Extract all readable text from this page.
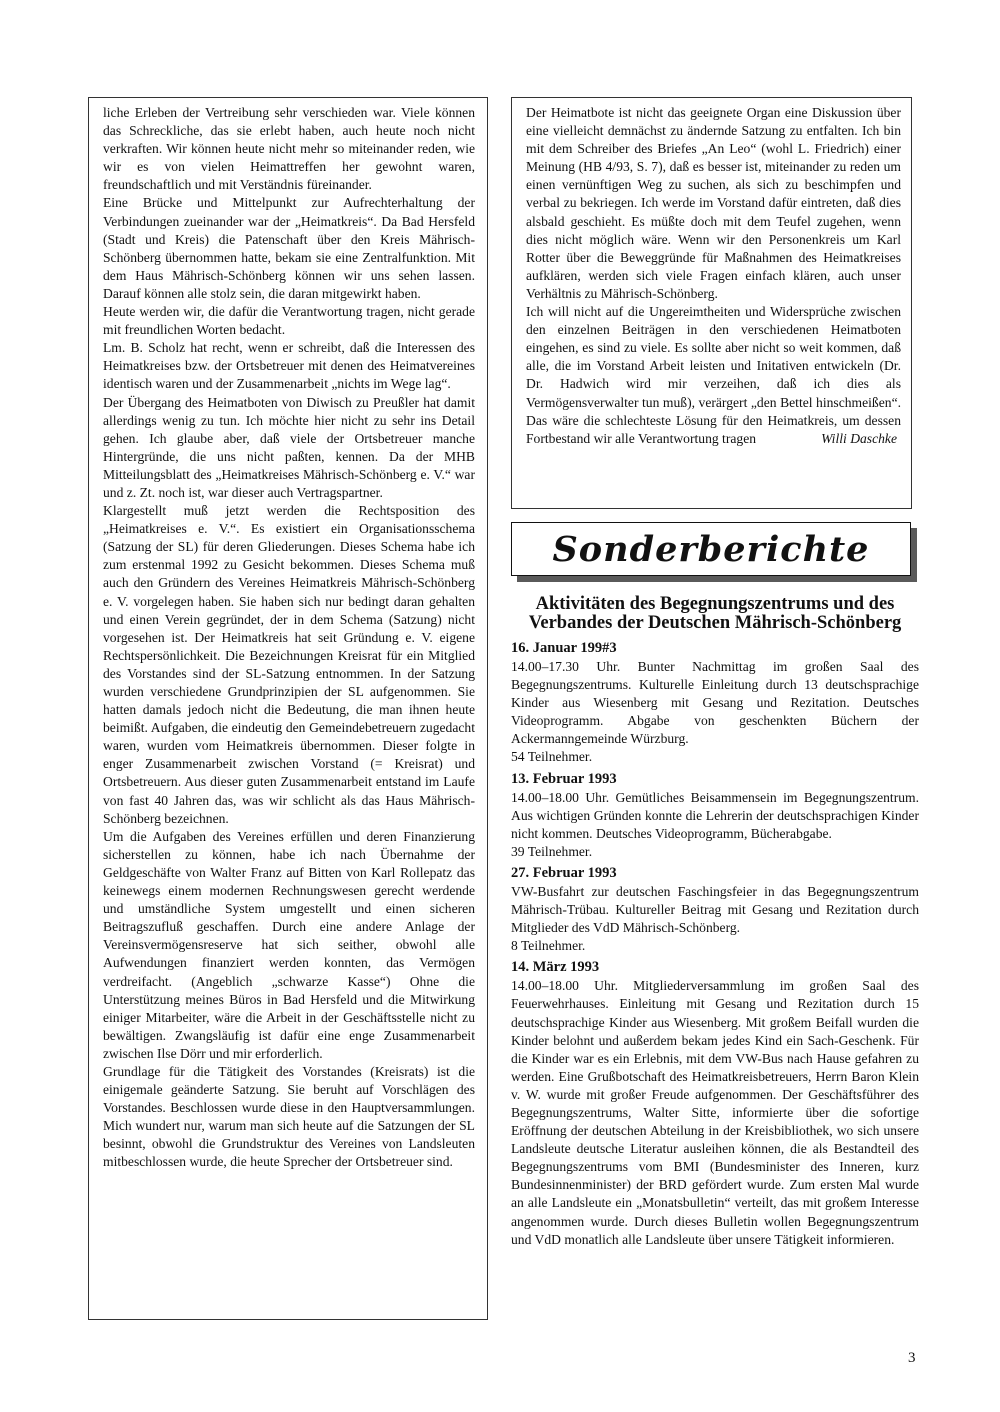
liche Erleben der Vertreibung sehr verschieden war. Viele können das Schreckliche, das sie erlebt haben, auch heute noch nicht verkraften. Wir können heute nicht mehr so miteinander reden, wie wir es von vielen Heimattreffen her gewohnt waren, freundschaftlich und mit Verständnis füreinander.

Eine Brücke und Mittelpunkt zur Aufrechterhaltung der Verbindungen zueinander war der „Heimatkreis“. Da Bad Hersfeld (Stadt und Kreis) die Patenschaft über den Kreis Mährisch-Schönberg übernommen hatte, bekam sie eine Zentralfunktion. Mit dem Haus Mährisch-Schönberg können wir uns sehen lassen. Darauf können alle stolz sein, die daran mitgewirkt haben.

Heute werden wir, die dafür die Verantwortung tragen, nicht gerade mit freundlichen Worten bedacht.

Lm. B. Scholz hat recht, wenn er schreibt, daß die Interessen des Heimatkreises bzw. der Ortsbetreuer mit denen des Heimatvereines identisch waren und der Zusammenarbeit „nichts im Wege lag“.

Der Übergang des Heimatboten von Diwisch zu Preußler hat damit allerdings wenig zu tun. Ich möchte hier nicht zu sehr ins Detail gehen. Ich glaube aber, daß viele der Ortsbetreuer manche Hintergründe, die uns nicht paßten, kennen. Da der MHB Mitteilungsblatt des „Heimatkreises Mährisch-Schönberg e. V.“ war und z. Zt. noch ist, war dieser auch Vertragspartner.

Klargestellt muß jetzt werden die Rechtsposition des „Heimatkreises e. V.“. Es existiert ein Organisationsschema (Satzung der SL) für deren Gliederungen. Dieses Schema habe ich zum erstenmal 1992 zu Gesicht bekommen. Dieses Schema muß auch den Gründern des Vereines Heimatkreis Mährisch-Schönberg e. V. vorgelegen haben. Sie haben sich nur bedingt daran gehalten und einen Verein gegründet, der in dem Schema (Satzung) nicht vorgesehen ist. Der Heimatkreis hat seit Gründung e. V. eigene Rechtspersönlichkeit. Die Bezeichnungen Kreisrat für ein Mitglied des Vorstandes sind der SL-Satzung entnommen. In der Satzung wurden verschiedene Grundprinzipien der SL aufgenommen. Sie hatten damals jedoch nicht die Bedeutung, die man ihnen heute beimißt. Aufgaben, die eindeutig den Gemeindebetreuern zugedacht waren, wurden vom Heimatkreis übernommen. Dieser folgte in enger Zusammenarbeit zwischen Vorstand (= Kreisrat) und Ortsbetreuern. Aus dieser guten Zusammenarbeit entstand im Laufe von fast 40 Jahren das, was wir schlicht als das Haus Mährisch-Schönberg bezeichnen.

Um die Aufgaben des Vereines erfüllen und deren Finanzierung sicherstellen zu können, habe ich nach Übernahme der Geldgeschäfte von Walter Franz auf Bitten von Karl Rollepatz das keinewegs einem modernen Rechnungswesen gerecht werdende und umständliche System umgestellt und einen sicheren Beitragszufluß geschaffen. Durch eine andere Anlage der Vereinsvermögensreserve hat sich seither, obwohl alle Aufwendungen finanziert werden konnten, das Vermögen verdreifacht. (Angeblich „schwarze Kasse“) Ohne die Unterstützung meines Büros in Bad Hersfeld und die Mitwirkung einiger Mitarbeiter, wäre die Arbeit in der Geschäftsstelle nicht zu bewältigen. Zwangsläufig ist dafür eine enge Zusammenarbeit zwischen Ilse Dörr und mir erforderlich.

Grundlage für die Tätigkeit des Vorstandes (Kreisrats) ist die einigemale geänderte Satzung. Sie beruht auf Vorschlägen des Vorstandes. Beschlossen wurde diese in den Hauptversammlungen. Mich wundert nur, warum man sich heute auf die Satzungen der SL besinnt, obwohl die Grundstruktur des Vereines von Landsleuten mitbeschlossen wurde, die heute Sprecher der Ortsbetreuer sind.

Der Heimatbote ist nicht das geeignete Organ eine Diskussion über eine vielleicht demnächst zu ändernde Satzung zu entfalten. Ich bin mit dem Schreiber des Briefes „An Leo“ (wohl L. Friedrich) einer Meinung (HB 4/93, S. 7), daß es besser ist, miteinander zu reden um einen vernünftigen Weg zu suchen, als sich zu beschimpfen und verbal zu bekriegen. Ich werde im Vorstand dafür eintreten, daß dies alsbald geschieht. Es müßte doch mit dem Teufel zugehen, wenn dies nicht möglich wäre. Wenn wir den Personenkreis um Karl Rotter über die Beweggründe für Maßnahmen des Heimatkreises aufklären, werden sich viele Fragen einfach klären, auch unser Verhältnis zu Mährisch-Schönberg.

Ich will nicht auf die Ungereimtheiten und Widersprüche zwischen den einzelnen Beiträgen in den verschiedenen Heimatboten eingehen, es sind zu viele. Es sollte aber nicht so weit kommen, daß alle, die im Vorstand Arbeit leisten und Initativen entwickeln (Dr. Dr. Hadwich wird mir verzeihen, daß ich dies als Vermögensverwalter tun muß), verärgert „den Bettel hinschmeißen“. Das wäre die schlechteste Lösung für den Heimatkreis, um dessen Fortbestand wir alle Verantwortung tragen	Willi Daschke

Sonderberichte
Aktivitäten des Begegnungszentrums und des Verbandes der Deutschen Mährisch-Schönberg
16. Januar 199#3
14.00–17.30 Uhr. Bunter Nachmittag im großen Saal des Begegnungszentrums. Kulturelle Einleitung durch 13 deutschsprachige Kinder aus Wiesenberg mit Gesang und Rezitation. Deutsches Videoprogramm. Abgabe von geschenkten Büchern der Ackermanngemeinde Würzburg.
54 Teilnehmer.
13. Februar 1993
14.00–18.00 Uhr. Gemütliches Beisammensein im Begegnungszentrum. Aus wichtigen Gründen konnte die Lehrerin der deutschsprachigen Kinder nicht kommen. Deutsches Videoprogramm, Bücherabgabe.
39 Teilnehmer.
27. Februar 1993
VW-Busfahrt zur deutschen Faschingsfeier in das Begegnungszentrum Mährisch-Trübau. Kultureller Beitrag mit Gesang und Rezitation durch Mitglieder des VdD Mährisch-Schönberg.
8 Teilnehmer.
14. März 1993
14.00–18.00 Uhr. Mitgliederversammlung im großen Saal des Feuerwehrhauses. Einleitung mit Gesang und Rezitation durch 15 deutschsprachige Kinder aus Wiesenberg. Mit großem Beifall wurden die Kinder belohnt und außerdem bekam jedes Kind ein Sach-Geschenk. Für die Kinder war es ein Erlebnis, mit dem VW-Bus nach Hause gefahren zu werden. Eine Grußbotschaft des Heimatkreisbetreuers, Herrn Baron Klein v. W. wurde mit großer Freude aufgenommen. Der Geschäftsführer des Begegnungszentrums, Walter Sitte, informierte über die sofortige Eröffnung der deutschen Abteilung in der Kreisbibliothek, wo sich unsere Landsleute deutsche Literatur ausleihen können, die als Bestandteil des Begegnungszentrums vom BMI (Bundesminister des Inneren, kurz Bundesinnenminister) der BRD gefördert wurde. Zum ersten Mal wurde an alle Landsleute ein „Monatsbulletin“ verteilt, das mit großem Interesse angenommen wurde. Durch dieses Bulletin wollen Begegnungszentrum und VdD monatlich alle Landsleute über unsere Tätigkeit informieren.
3
